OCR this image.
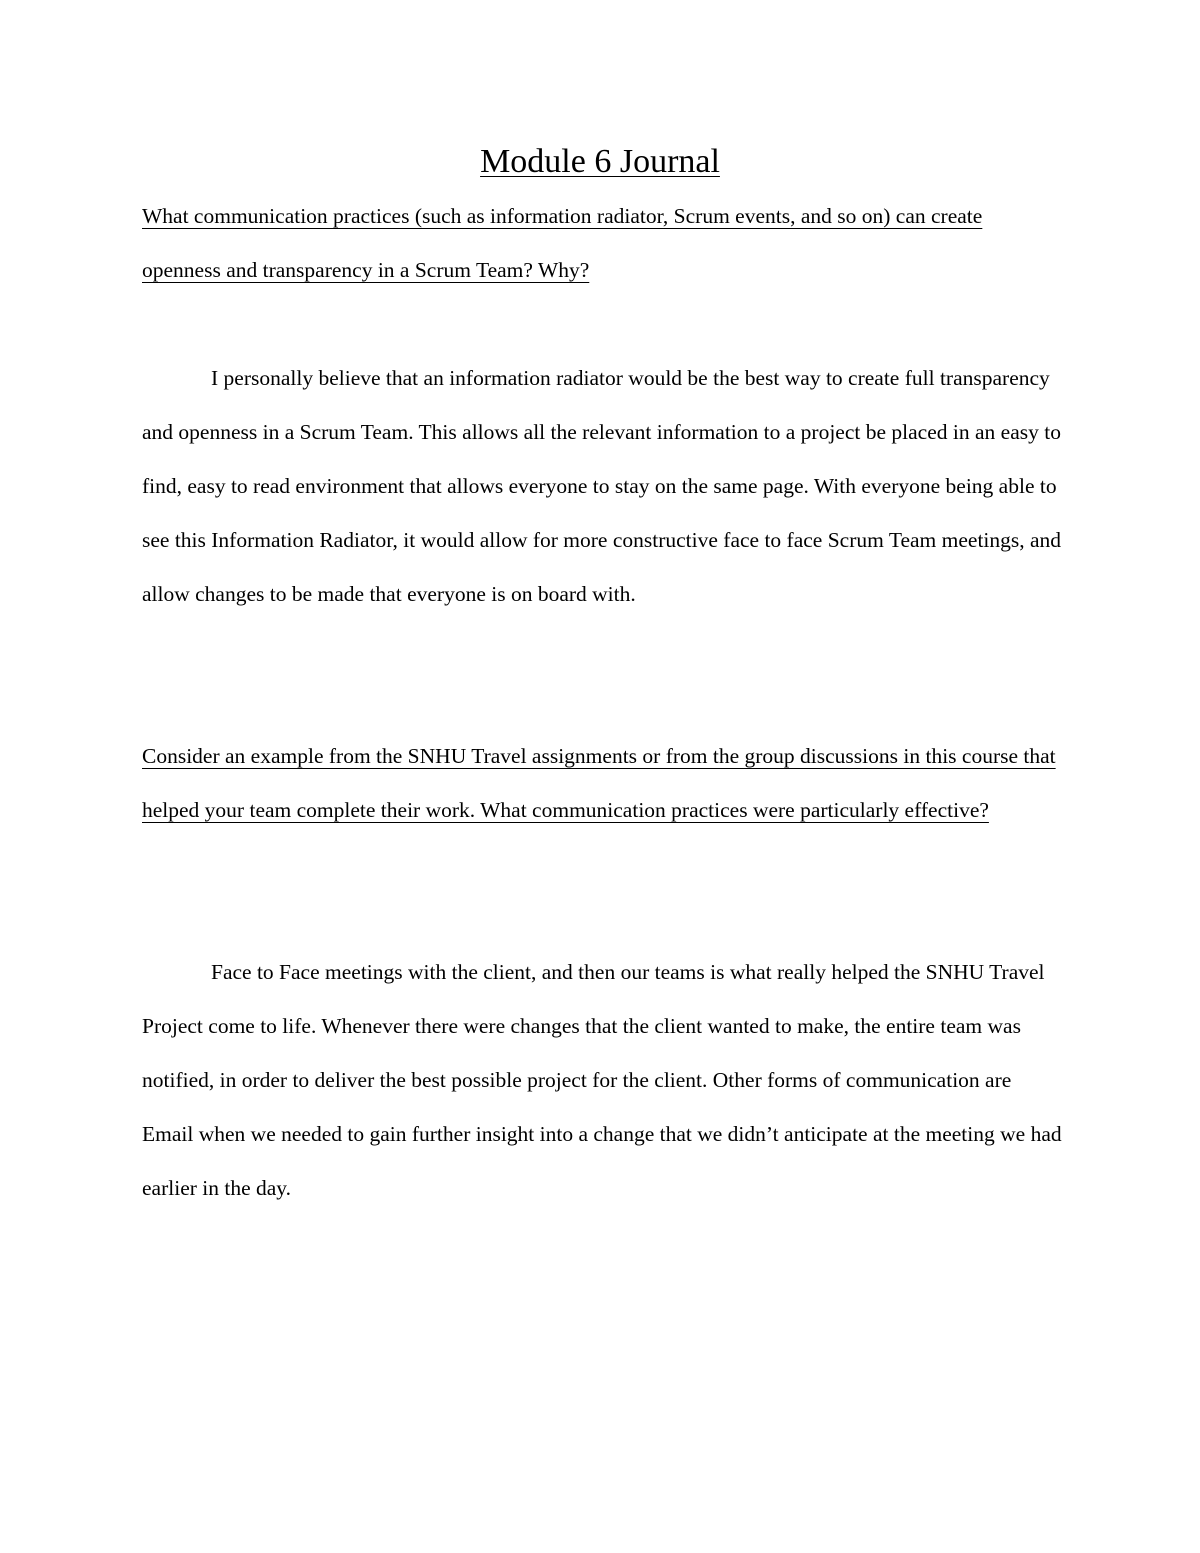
Module 6 Journal

What communication practices (such as information radiator, Scrum events, and so on) can create openness and transparency in a Scrum Team? Why?

I personally believe that an information radiator would be the best way to create full transparency and openness in a Scrum Team. This allows all the relevant information to a project be placed in an easy to find, easy to read environment that allows everyone to stay on the same page. With everyone being able to see this Information Radiator, it would allow for more constructive face to face Scrum Team meetings, and allow changes to be made that everyone is on board with.

Consider an example from the SNHU Travel assignments or from the group discussions in this course that helped your team complete their work. What communication practices were particularly effective?

Face to Face meetings with the client, and then our teams is what really helped the SNHU Travel Project come to life. Whenever there were changes that the client wanted to make, the entire team was notified, in order to deliver the best possible project for the client. Other forms of communication are Email when we needed to gain further insight into a change that we didn’t anticipate at the meeting we had earlier in the day.
